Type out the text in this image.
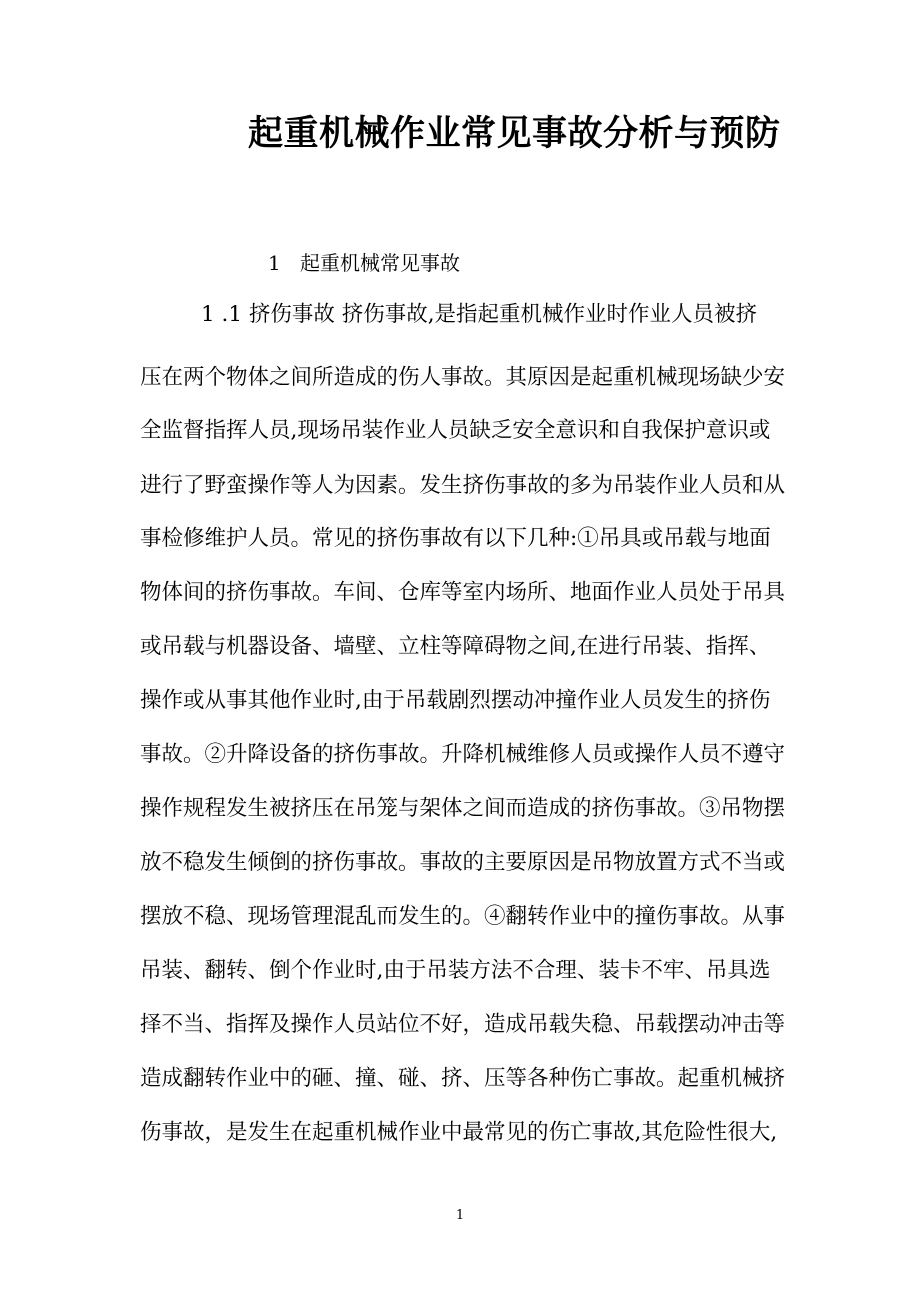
起重机械作业常见事故分析与预防
1 起重机械常见事故
1 .1 挤伤事故 挤伤事故,是指起重机械作业时作业人员被挤
压在两个物体之间所造成的伤人事故。其原因是起重机械现场缺少安
全监督指挥人员,现场吊装作业人员缺乏安全意识和自我保护意识或
进行了野蛮操作等人为因素。发生挤伤事故的多为吊装作业人员和从
事检修维护人员。常见的挤伤事故有以下几种:①吊具或吊载与地面
物体间的挤伤事故。车间、仓库等室内场所、地面作业人员处于吊具
或吊载与机器设备、墙壁、立柱等障碍物之间,在进行吊装、指挥、
操作或从事其他作业时,由于吊载剧烈摆动冲撞作业人员发生的挤伤
事故。②升降设备的挤伤事故。升降机械维修人员或操作人员不遵守
操作规程发生被挤压在吊笼与架体之间而造成的挤伤事故。③吊物摆
放不稳发生倾倒的挤伤事故。事故的主要原因是吊物放置方式不当或
摆放不稳、现场管理混乱而发生的。④翻转作业中的撞伤事故。从事
吊装、翻转、倒个作业时,由于吊装方法不合理、装卡不牢、吊具选
择不当、指挥及操作人员站位不好，造成吊载失稳、吊载摆动冲击等
造成翻转作业中的砸、撞、碰、挤、压等各种伤亡事故。起重机械挤
伤事故，是发生在起重机械作业中最常见的伤亡事故,其危险性很大,
1
